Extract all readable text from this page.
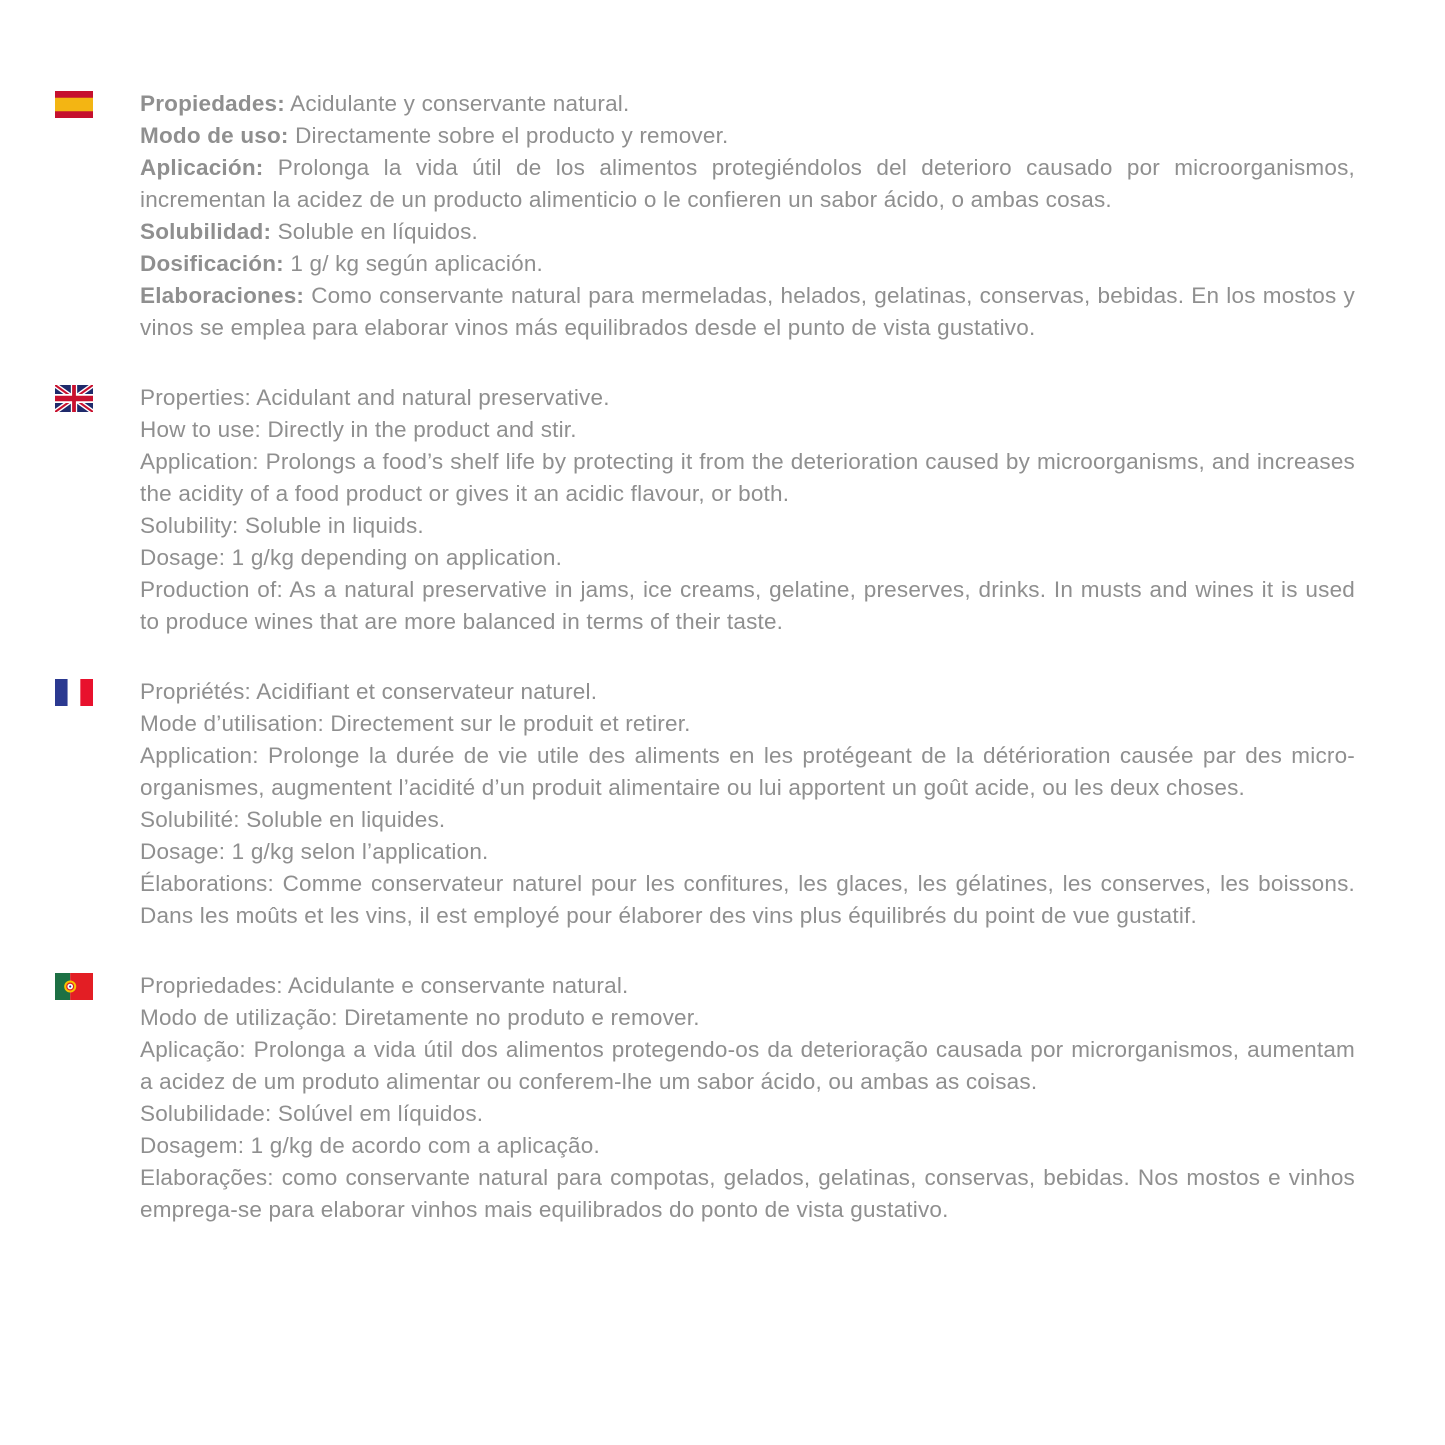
Propiedades: Acidulante y conservante natural.

Modo de uso: Directamente sobre el producto y remover.

Aplicación: Prolonga la vida útil de los alimentos protegiéndolos del deterioro causado por microorganismos, incrementan la acidez de un producto alimenticio o le confieren un sabor ácido, o ambas cosas.

Solubilidad: Soluble en líquidos.

Dosificación: 1 g/ kg según aplicación.

Elaboraciones: Como conservante natural para mermeladas, helados, gelatinas, conservas, bebidas. En los mostos y vinos se emplea para elaborar vinos más equilibrados desde el punto de vista gustativo.

Properties: Acidulant and natural preservative.

How to use: Directly in the product and stir.

Application: Prolongs a food’s shelf life by protecting it from the deterioration caused by microorganisms, and increases the acidity of a food product or gives it an acidic flavour, or both.

Solubility: Soluble in liquids.

Dosage: 1 g/kg depending on application.

Production of: As a natural preservative in jams, ice creams, gelatine, preserves, drinks. In musts and wines it is used to produce wines that are more balanced in terms of their taste.

Propriétés: Acidifiant et conservateur naturel.

Mode d’utilisation: Directement sur le produit et retirer.

Application: Prolonge la durée de vie utile des aliments en les protégeant de la détérioration causée par des micro-organismes, augmentent l’acidité d’un produit alimentaire ou lui apportent un goût acide, ou les deux choses.

Solubilité: Soluble en liquides.

Dosage: 1 g/kg selon l’application.

Élaborations: Comme conservateur naturel pour les confitures, les glaces, les gélatines, les conserves, les boissons. Dans les moûts et les vins, il est employé pour élaborer des vins plus équilibrés du point de vue gustatif.

Propriedades: Acidulante e conservante natural.

Modo de utilização: Diretamente no produto e remover.

Aplicação: Prolonga a vida útil dos alimentos protegendo-os da deterioração causada por microrganismos, aumentam a acidez de um produto alimentar ou conferem-lhe um sabor ácido, ou ambas as coisas.

Solubilidade: Solúvel em líquidos.

Dosagem: 1 g/kg de acordo com a aplicação.

Elaborações: como conservante natural para compotas, gelados, gelatinas, conservas, bebidas. Nos mostos e vinhos emprega-se para elaborar vinhos mais equilibrados do ponto de vista gustativo.
